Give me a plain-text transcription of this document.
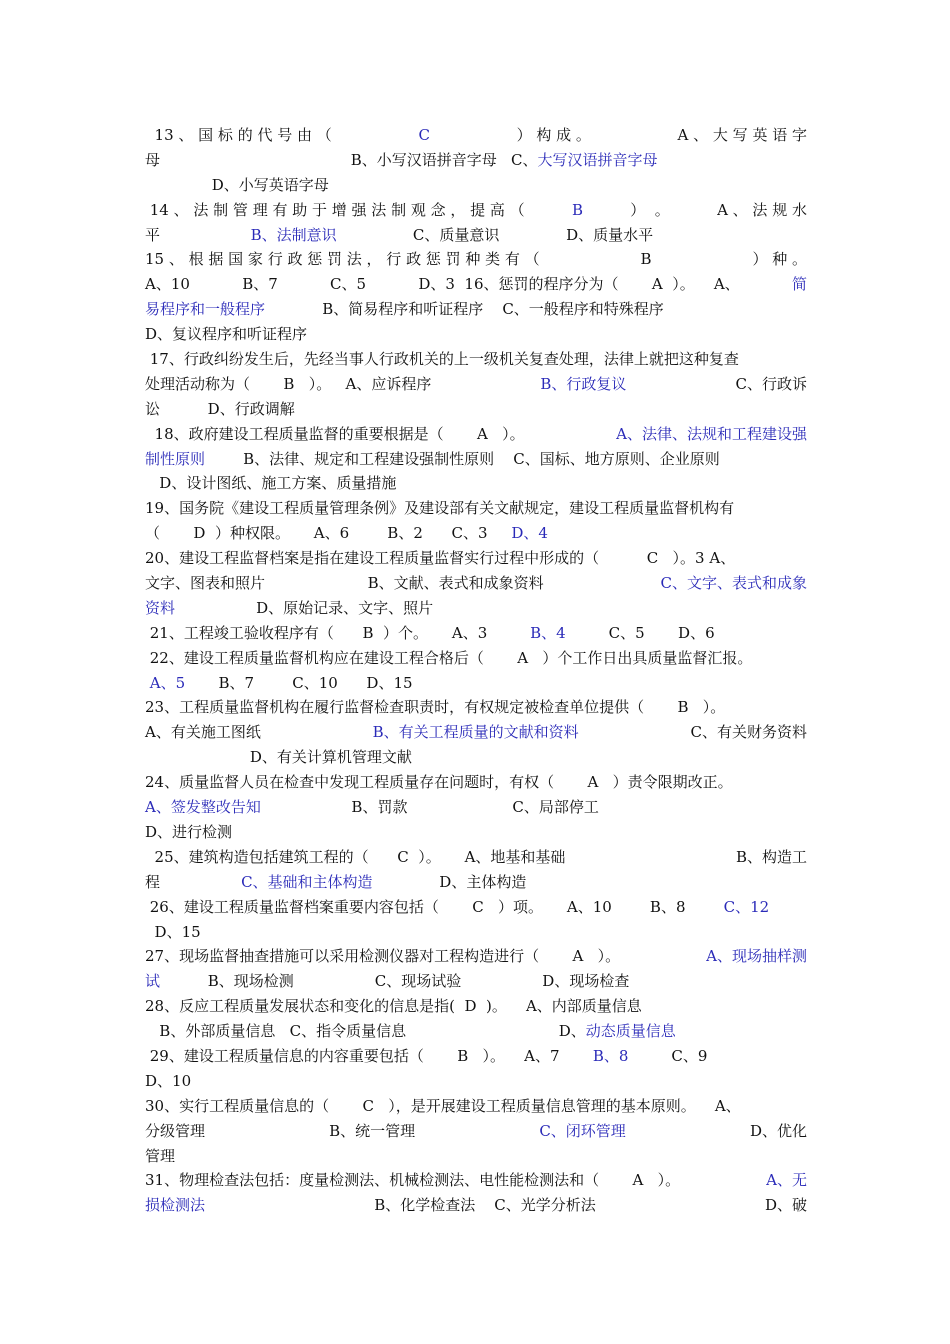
13 、 国 标 的 代 号 由 （	C	） 构 成 。	A 、 大 写 英 语 字
母                                        B、小写汉语拼音字母   C、 大写汉语拼音字母
D、小写英语字母
14 、 法 制 管 理 有 助 于 增 强 法 制 观 念 ， 提 高 （	B	）  。	A 、 法 规 水
平 B、法制意识 C、质量意识              D、质量水平
15 、 根 据 国 家 行 政 惩 罚 法 ， 行 政 惩 罚 种 类 有 （	B	） 种 。
A、10	B、7	C、5	D、3  16、惩罚的程序分为（       A  ）。    A、	简
易程序和一般程序 B、简易程序和听证程序    C、一般程序和特殊程序
D、复议程序和听证程序
17、行政纠纷发生后，先经当事人行政机关的上一级机关复查处理，法律上就把这种复查
处理活动称为（       B   ）。   A、应诉程序	B、行政复议	C、行政诉
讼          D、行政调解
18、政府建设工程质量监督的重要根据是（       A   ）。	A、法律、法规和工程建设强
制性原则 B、法律、规定和工程建设强制性原则    C、国标、地方原则、企业原则
D、设计图纸、施工方案、质量措施
19、国务院《建设工程质量管理条例》及建设部有关文献规定，建设工程质量监督机构有
（       D  ）种权限。     A、6        B、2      C、3 D、4
20、建设工程监督档案是指在建设工程质量监督实行过程中形成的（          C   ）。3 A、
文字、图表和照片	B、文献、表式和成象资料	C、文字、表式和成象
资料 D、原始记录、文字、照片
21、工程竣工验收程序有（      B  ）个。     A、3 B、4 C、5       D、6
22、建设工程质量监督机构应在建设工程合格后（       A   ）个工作日出具质量监督汇报。
A、5 B、7        C、10      D、15
23、工程质量监督机构在履行监督检查职责时，有权规定被检查单位提供（       B   ）。
A、有关施工图纸	B、有关工程质量的文献和资料	C、有关财务资料
D、有关计算机管理文献
24、质量监督人员在检查中发现工程质量存在问题时，有权（       A   ）责令限期改正。
A、签发整改告知 B、罚款                      C、局部停工
D、进行检测
25、建筑构造包括建筑工程的（      C  ）。     A、地基和基础	B、构造工
程 C、基础和主体构造 D、主体构造
26、建设工程质量监督档案重要内容包括（       C   ）项。     A、10        B、8 C、12
D、15
27、现场监督抽查措施可以采用检测仪器对工程构造进行（       A   ）。	A、现场抽样测
试 B、现场检测                 C、现场试验                 D、现场检查
28、反应工程质量发展状态和变化的信息是指(  D  )。    A、内部质量信息
B、外部质量信息   C、指令质量信息                                D、 动态质量信息
29、建设工程质量信息的内容重要包括（       B   ）。    A、7 B、8 C、9
D、10
30、实行工程质量信息的（       C   ），是开展建设工程质量信息管理的基本原则。    A、
分级管理	B、统一管理	C、闭环管理	D、优化
管理
31、物理检查法包括：度量检测法、机械检测法、电性能检测法和（       A   ）。	A、无
损检测法	B、化学检查法    C、光学分析法	D、破
